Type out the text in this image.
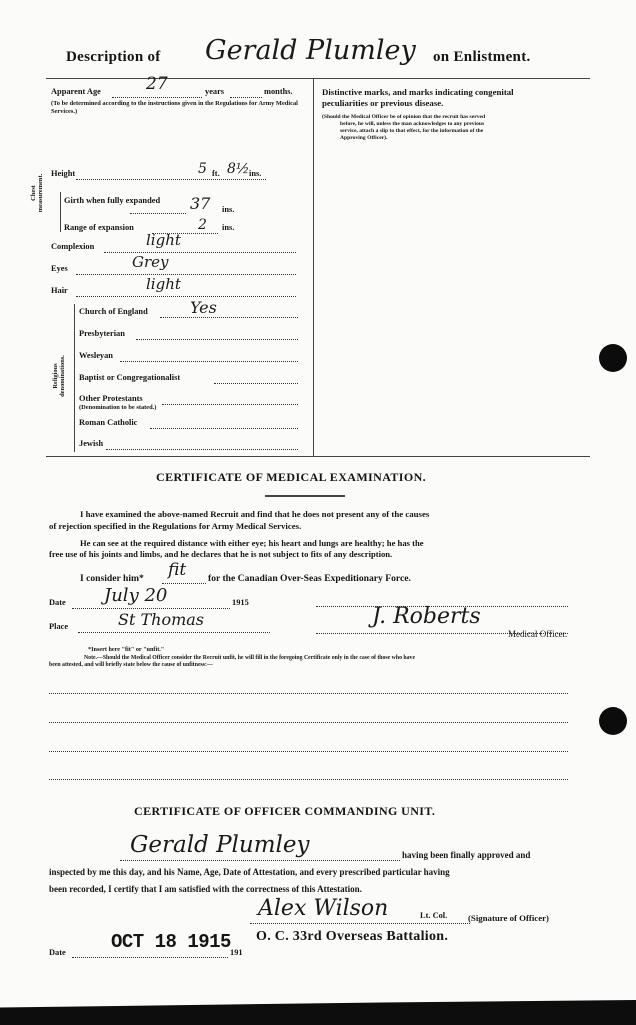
Description of Gerald Plumley on Enlistment.
Apparent Age	27	years	months.
(To be determined according to the instructions given in the Regulations for Army Medical Services.)
Height	5 ft. 8½ ins.
Chest measurement. Girth when fully expanded	37 ins.
Range of expansion	2 ins.
Complexion	light
Eyes	Grey
Hair	light
Religious denominations.
Church of England	Yes
Presbyterian
Wesleyan
Baptist or Congregationalist
Other Protestants
(Denomination to be stated.)
Roman Catholic
Jewish
Distinctive marks, and marks indicating congenital
peculiarities or previous disease.
(Should the Medical Officer be of opinion that the recruit has served
before, he will, unless the man acknowledges to any previous
service, attach a slip to that effect, for the information of the
Approving Officer).
CERTIFICATE OF MEDICAL EXAMINATION.
I have examined the above-named Recruit and find that he does not present any of the causes
of rejection specified in the Regulations for Army Medical Services.
He can see at the required distance with either eye; his heart and lungs are healthy; he has the
free use of his joints and limbs, and he declares that he is not subject to fits of any description.
I consider him* fit for the Canadian Over-Seas Expeditionary Force.
Date July 20	1915
Place	St Thomas	J. Roberts
Medical Officer.
*Insert here "fit" or "unfit."
Note.—Should the Medical Officer consider the Recruit unfit, he will fill in the foregoing Certificate only in the case of those who have
been attested, and will briefly state below the cause of unfitness:—
CERTIFICATE OF OFFICER COMMANDING UNIT.
Gerald Plumley	having been finally approved and
inspected by me this day, and his Name, Age, Date of Attestation, and every prescribed particular having
been recorded, I certify that I am satisfied with the correctness of this Attestation.
Alex Wilson	Lt. Col. (Signature of Officer)
Date OCT 18 1915 191
O. C. 33rd Overseas Battalion.
